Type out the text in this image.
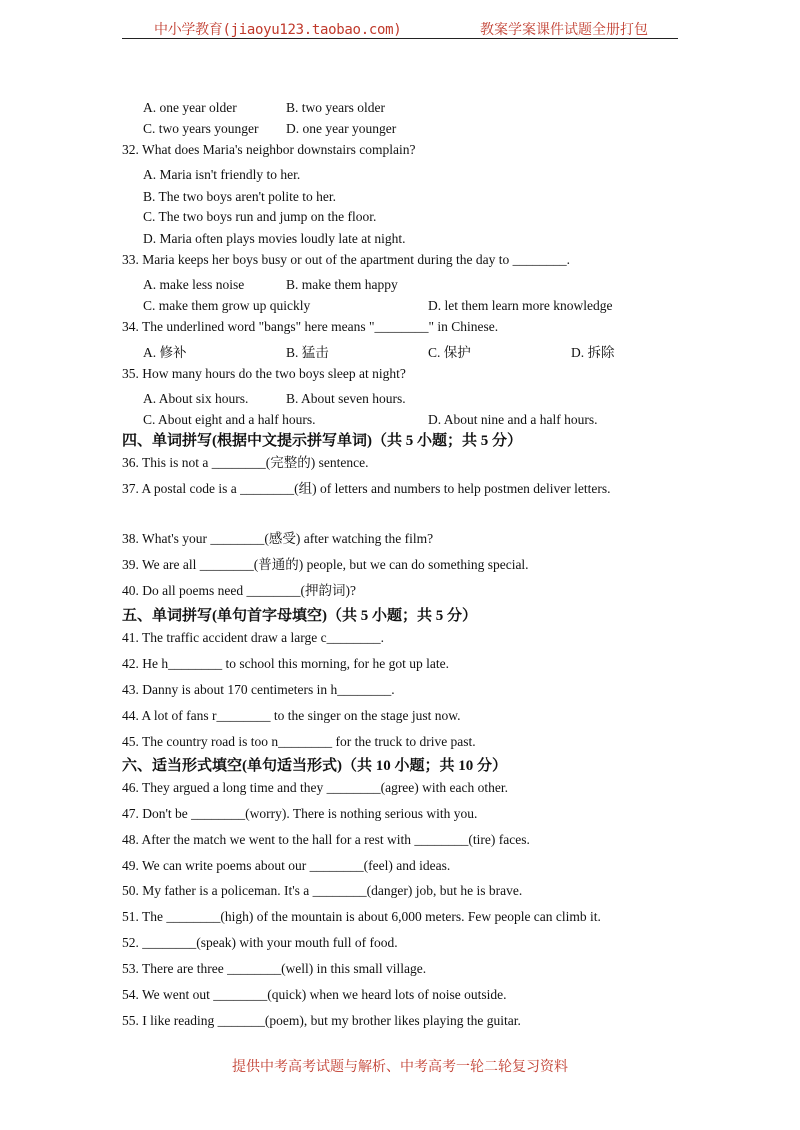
中小学教育(jiaoyu123.taobao.com)	教案学案课件试题全册打包
A. one year older	B. two years older
C. two years younger D. one year younger
32. What does Maria's neighbor downstairs complain?
A. Maria isn't friendly to her.
B. The two boys aren't polite to her.
C. The two boys run and jump on the floor.
D. Maria often plays movies loudly late at night.
33. Maria keeps her boys busy or out of the apartment during the day to ________.
A. make less noise	B. make them happy
C. make them grow up quickly	D. let them learn more knowledge
34. The underlined word "bangs" here means "________" in Chinese.
A. 修补	B. 猛击	C. 保护	D. 拆除
35. How many hours do the two boys sleep at night?
A. About six hours.	B. About seven hours.
C. About eight and a half hours.	D. About nine and a half hours.
四、单词拼写(根据中文提示拼写单词)（共 5 小题；共 5 分）
36. This is not a ________(完整的) sentence.
37. A postal code is a ________(组) of letters and numbers to help postmen deliver letters.
38. What's your ________(感受) after watching the film?
39. We are all ________(普通的) people, but we can do something special.
40. Do all poems need ________(押韵词)?
五、单词拼写(单句首字母填空)（共 5 小题；共 5 分）
41. The traffic accident draw a large c________.
42. He h________ to school this morning, for he got up late.
43. Danny is about 170 centimeters in h________.
44. A lot of fans r________ to the singer on the stage just now.
45. The country road is too n________ for the truck to drive past.
六、适当形式填空(单句适当形式)（共 10 小题；共 10 分）
46. They argued a long time and they ________(agree) with each other.
47. Don't be ________(worry). There is nothing serious with you.
48. After the match we went to the hall for a rest with ________(tire) faces.
49. We can write poems about our ________(feel) and ideas.
50. My father is a policeman. It's a ________(danger) job, but he is brave.
51. The ________(high) of the mountain is about 6,000 meters. Few people can climb it.
52. ________(speak) with your mouth full of food.
53. There are three ________(well) in this small village.
54. We went out ________(quick) when we heard lots of noise outside.
55. I like reading _______(poem), but my brother likes playing the guitar.
提供中考高考试题与解析、中考高考一轮二轮复习资料
